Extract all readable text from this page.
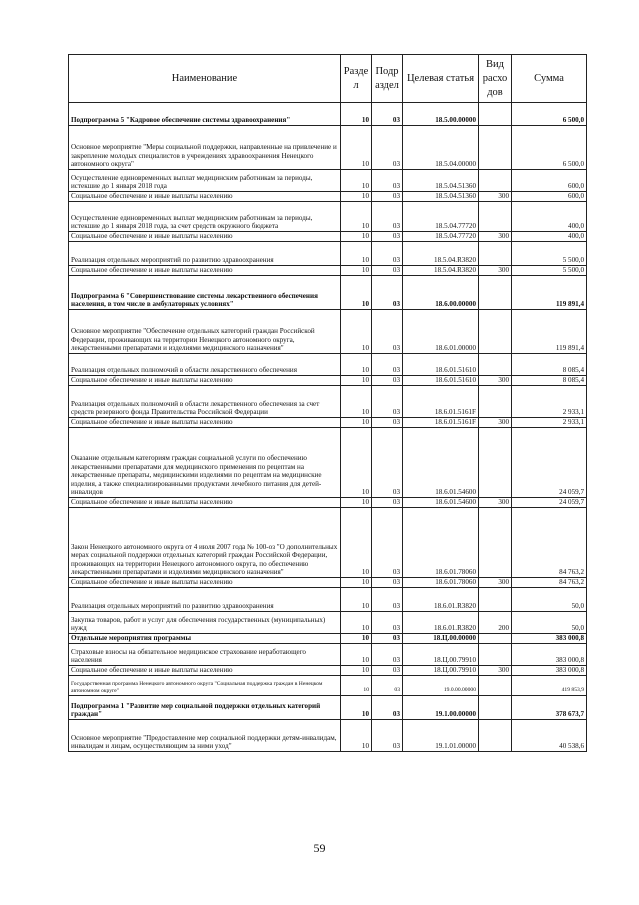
Наименование	Разде л	Подр аздел	Целевая статья	Вид расхо дов	Сумма
Подпрограмма 5 "Кадровое обеспечение системы здравоохранения"	10	03	18.5.00.00000		6 500,0
Основное мероприятие "Меры социальной поддержки, направленные на привлечение и закрепление молодых специалистов в учреждениях здравоохранения Ненецкого автономного округа"	10	03	18.5.04.00000		6 500,0
Осуществление единовременных выплат медицинским работникам за периоды, истекшие до 1 января 2018 года	10	03	18.5.04.51360		600,0
Социальное обеспечение и иные выплаты населению	10	03	18.5.04.51360	300	600,0
Осуществление единовременных выплат медицинским работникам за периоды, истекшие до 1 января 2018 года, за счет средств окружного бюджета	10	03	18.5.04.77720		400,0
Социальное обеспечение и иные выплаты населению	10	03	18.5.04.77720	300	400,0
Реализация отдельных мероприятий по развитию здравоохранения	10	03	18.5.04.R3820		5 500,0
Социальное обеспечение и иные выплаты населению	10	03	18.5.04.R3820	300	5 500,0
Подпрограмма 6 "Совершенствование системы лекарственного обеспечения населения, в том числе в амбулаторных условиях"	10	03	18.6.00.00000		119 891,4
Основное мероприятие "Обеспечение отдельных категорий граждан Российской Федерации, проживающих на территории Ненецкого автономного округа, лекарственными препаратами и изделиями медицинского назначения"	10	03	18.6.01.00000		119 891,4
Реализация отдельных полномочий в области лекарственного обеспечения	10	03	18.6.01.51610		8 085,4
Социальное обеспечение и иные выплаты населению	10	03	18.6.01.51610	300	8 085,4
Реализация отдельных полномочий в области лекарственного обеспечения за счет средств резервного фонда Правительства Российской Федерации	10	03	18.6.01.5161F		2 933,1
Социальное обеспечение и иные выплаты населению	10	03	18.6.01.5161F	300	2 933,1
Оказание отдельным категориям граждан социальной услуги по обеспечению лекарственными препаратами для медицинского применения по рецептам на лекарственные препараты, медицинскими изделиями по рецептам на медицинские изделия, а также специализированными продуктами лечебного питания для детей-инвалидов	10	03	18.6.01.54600		24 059,7
Социальное обеспечение и иные выплаты населению	10	03	18.6.01.54600	300	24 059,7
Закон Ненецкого автономного округа от 4 июля 2007 года № 100-оз "О дополнительных мерах социальной поддержки отдельных категорий граждан Российской Федерации, проживающих на территории Ненецкого автономного округа, по обеспечению лекарственными препаратами и изделиями медицинского назначения"	10	03	18.6.01.78060		84 763,2
Социальное обеспечение и иные выплаты населению	10	03	18.6.01.78060	300	84 763,2
Реализация отдельных мероприятий по развитию здравоохранения	10	03	18.6.01.R3820		50,0
Закупка товаров, работ и услуг для обеспечения государственных (муниципальных) нужд	10	03	18.6.01.R3820	200	50,0
Отдельные мероприятия программы	10	03	18.Ц.00.00000		383 000,8
Страховые взносы на обязательное медицинское страхование неработающего населения	10	03	18.Ц.00.79910		383 000,8
Социальное обеспечение и иные выплаты населению	10	03	18.Ц.00.79910	300	383 000,8
Государственная программа Ненецкого автономного округа "Социальная поддержка граждан в Ненецком автономном округе"	10	03	19.0.00.00000		419 853,9
Подпрограмма 1 "Развитие мер социальной поддержки отдельных категорий граждан"	10	03	19.1.00.00000		378 673,7
Основное мероприятие "Предоставление мер социальной поддержки детям-инвалидам, инвалидам и лицам, осуществляющим за ними уход"	10	03	19.1.01.00000		40 538,6
59
